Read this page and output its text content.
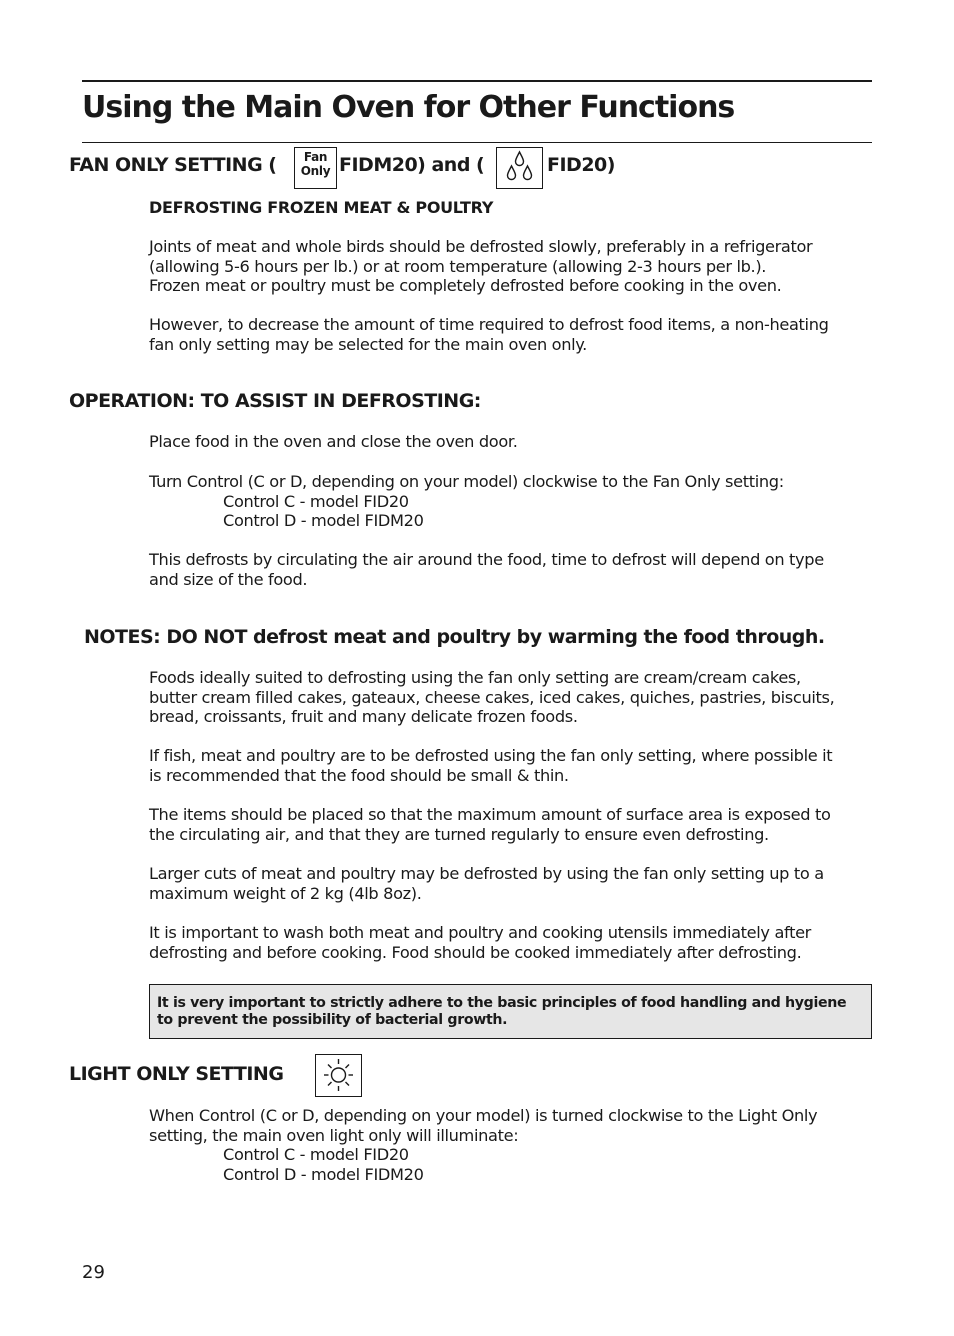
Using the Main Oven for Other Functions
FAN ONLY SETTING (	Fan
Only FIDM20) and (	FID20)
DEFROSTING FROZEN MEAT & POULTRY

Joints of meat and whole birds should be defrosted slowly, preferably in a refrigerator
(allowing 5-6 hours per lb.) or at room temperature (allowing 2-3 hours per lb.).
Frozen meat or poultry must be completely defrosted before cooking in the oven.

However, to decrease the amount of time required to defrost food items, a non-heating
fan only setting may be selected for the main oven only.

OPERATION: TO ASSIST IN DEFROSTING:

Place food in the oven and close the oven door.

Turn Control (C or D, depending on your model) clockwise to the Fan Only setting:
Control C - model FID20
Control D - model FIDM20

This defrosts by circulating the air around the food, time to defrost will depend on type
and size of the food.

NOTES: DO NOT defrost meat and poultry by warming the food through.

Foods ideally suited to defrosting using the fan only setting are cream/cream cakes,
butter cream filled cakes, gateaux, cheese cakes, iced cakes, quiches, pastries, biscuits,
bread, croissants, fruit and many delicate frozen foods.

If fish, meat and poultry are to be defrosted using the fan only setting, where possible it
is recommended that the food should be small & thin.

The items should be placed so that the maximum amount of surface area is exposed to
the circulating air, and that they are turned regularly to ensure even defrosting.

Larger cuts of meat and poultry may be defrosted by using the fan only setting up to a
maximum weight of 2 kg (4lb 8oz).

It is important to wash both meat and poultry and cooking utensils immediately after
defrosting and before cooking. Food should be cooked immediately after defrosting.

It is very important to strictly adhere to the basic principles of food handling and hygiene
to prevent the possibility of bacterial growth.
LIGHT ONLY SETTING

When Control (C or D, depending on your model) is turned clockwise to the Light Only
setting, the main oven light only will illuminate:
Control C - model FID20
Control D - model FIDM20

29
